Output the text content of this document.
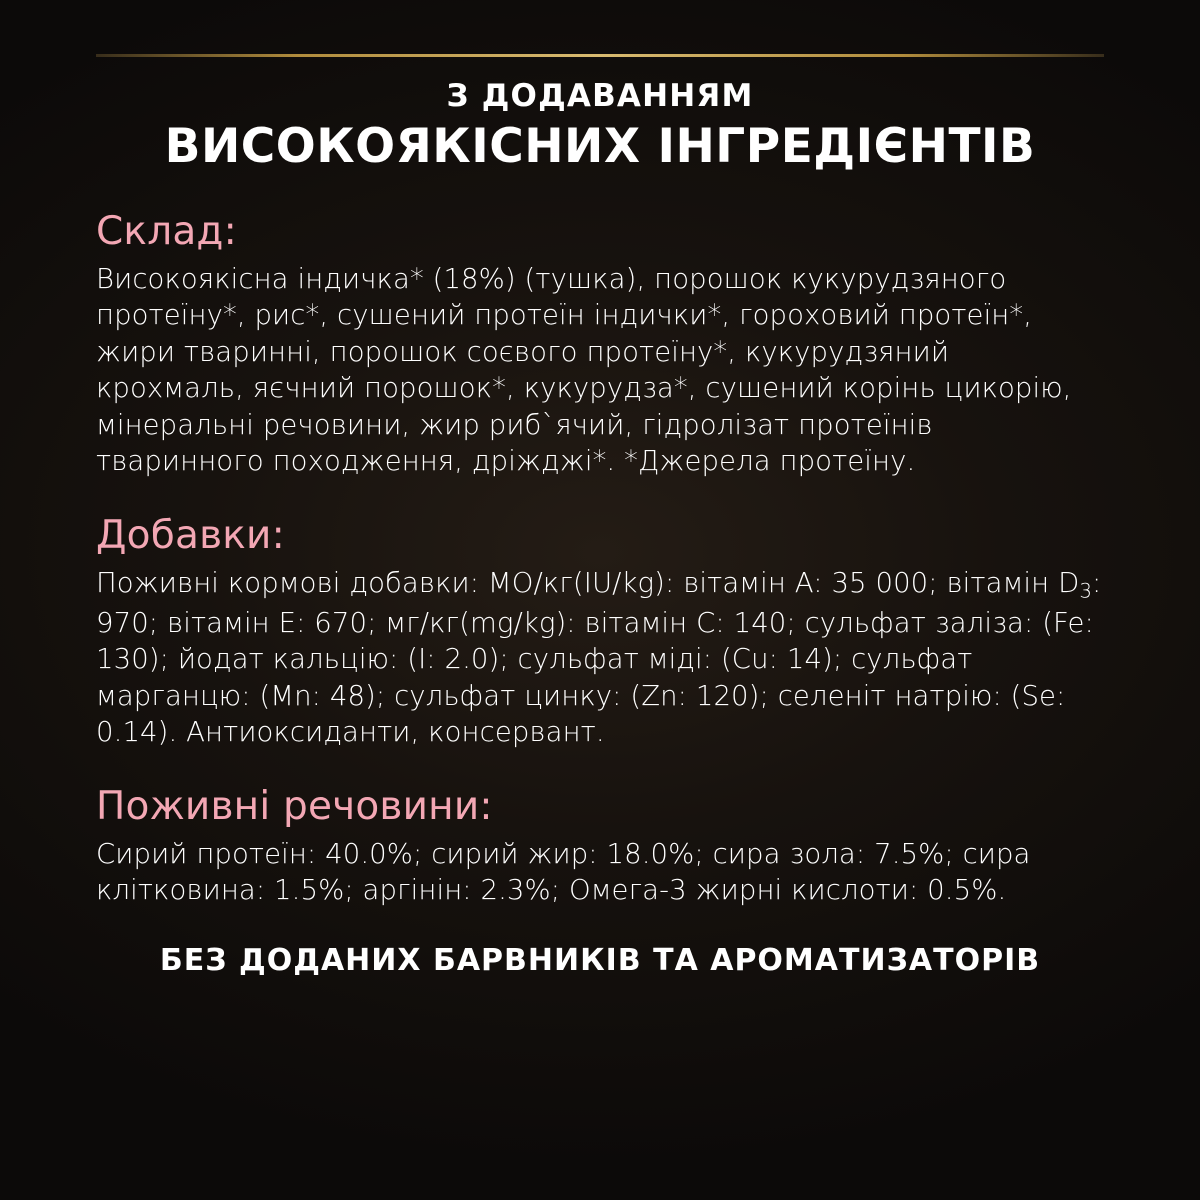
З ДОДАВАННЯМ
ВИСОКОЯКІСНИХ ІНГРЕДІЄНТІВ
Склад:

Високоякісна індичка* (18%) (тушка), порошок кукурудзяного протеїну*, рис*, сушений протеїн індички*, гороховий протеїн*, жири тваринні, порошок соєвого протеїну*, кукурудзяний крохмаль, яєчний порошок*, кукурудза*, сушений корінь цикорію, мінеральні речовини, жир риб`ячий, гідролізат протеїнів тваринного походження, дріжджі*. *Джерела протеїну.

Добавки:

Поживні кормові добавки: МО/кг(IU/kg): вітамін A: 35 000; вітамін $D_3$: 970; вітамін E: 670; мг/кг(mg/kg): вітамін C: 140; сульфат заліза: (Fe: 130); йодат кальцію: (I: 2.0); сульфат міді: (Cu: 14); сульфат марганцю: (Mn: 48); сульфат цинку: (Zn: 120); селеніт натрію: (Se: 0.14). Антиоксиданти, консервант.

Поживні речовини:

Сирий протеїн: 40.0%; сирий жир: 18.0%; сира зола: 7.5%; сира клітковина: 1.5%; аргінін: 2.3%; Омега-3 жирні кислоти: 0.5%.

БЕЗ ДОДАНИХ БАРВНИКІВ ТА АРОМАТИЗАТОРІВ
